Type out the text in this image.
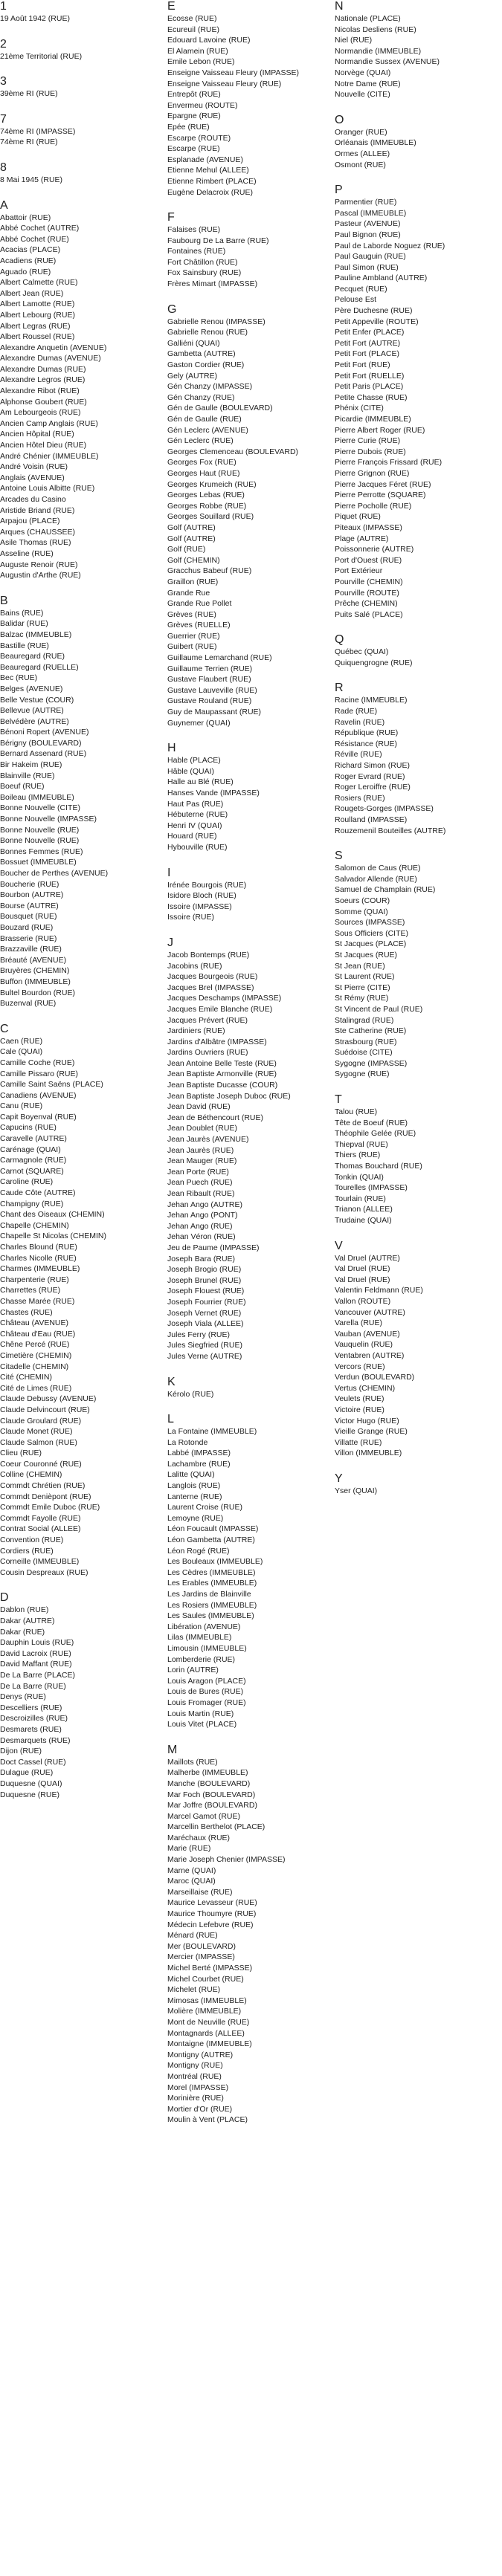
1
19 Août 1942 (RUE)
2
21ème Territorial (RUE)
3
39ème RI (RUE)
7
74ème RI (IMPASSE)
74ème RI (RUE)
8
8 Mai 1945 (RUE)
A
Abattoir (RUE)
Abbé Cochet (AUTRE)
Abbé Cochet (RUE)
Acacias (PLACE)
Acadiens (RUE)
Aguado (RUE)
Albert Calmette (RUE)
Albert Jean (RUE)
Albert Lamotte (RUE)
Albert Lebourg (RUE)
Albert Legras (RUE)
Albert Roussel (RUE)
Alexandre Anquetin (AVENUE)
Alexandre Dumas (AVENUE)
Alexandre Dumas (RUE)
Alexandre Legros (RUE)
Alexandre Ribot (RUE)
Alphonse Goubert (RUE)
Am Lebourgeois (RUE)
Ancien Camp Anglais (RUE)
Ancien Hôpital (RUE)
Ancien Hôtel Dieu (RUE)
André Chénier (IMMEUBLE)
André Voisin (RUE)
Anglais (AVENUE)
Antoine Louis Albitte (RUE)
Arcades du Casino
Aristide Briand (RUE)
Arpajou (PLACE)
Arques (CHAUSSEE)
Asile Thomas (RUE)
Asseline (RUE)
Auguste Renoir (RUE)
Augustin d'Arthe (RUE)
B
Bains (RUE)
Balidar (RUE)
Balzac (IMMEUBLE)
Bastille (RUE)
Beauregard (RUE)
Beauregard (RUELLE)
Bec (RUE)
Belges (AVENUE)
Belle Vestue (COUR)
Bellevue (AUTRE)
Belvédère (AUTRE)
Bénoni Ropert (AVENUE)
Bérigny (BOULEVARD)
Bernard Assenard (RUE)
Bir Hakeim (RUE)
Blainville (RUE)
Boeuf (RUE)
Boileau (IMMEUBLE)
Bonne Nouvelle (CITE)
Bonne Nouvelle (IMPASSE)
Bonne Nouvelle (RUE)
Bonne Nouvelle (RUE)
Bonnes Femmes (RUE)
Bossuet (IMMEUBLE)
Boucher de Perthes (AVENUE)
Boucherie (RUE)
Bourbon (AUTRE)
Bourse (AUTRE)
Bousquet (RUE)
Bouzard (RUE)
Brasserie (RUE)
Brazzaville (RUE)
Bréauté (AVENUE)
Bruyères (CHEMIN)
Buffon (IMMEUBLE)
Bultel Bourdon (RUE)
Buzenval (RUE)
C
Caen (RUE)
Cale (QUAI)
Camille Coche (RUE)
Camille Pissaro (RUE)
Camille Saint Saëns (PLACE)
Canadiens (AVENUE)
Canu (RUE)
Capit Boyenval (RUE)
Capucins (RUE)
Caravelle (AUTRE)
Carénage (QUAI)
Carmagnole (RUE)
Carnot (SQUARE)
Caroline (RUE)
Caude Côte (AUTRE)
Champigny (RUE)
Chant des Oiseaux (CHEMIN)
Chapelle (CHEMIN)
Chapelle St Nicolas (CHEMIN)
Charles Blound (RUE)
Charles Nicolle (RUE)
Charmes (IMMEUBLE)
Charpenterie (RUE)
Charrettes (RUE)
Chasse Marée (RUE)
Chastes (RUE)
Château (AVENUE)
Château d'Eau (RUE)
Chêne Percé (RUE)
Cimetière (CHEMIN)
Citadelle (CHEMIN)
Cité (CHEMIN)
Cité de Limes (RUE)
Claude Debussy (AVENUE)
Claude Delvincourt (RUE)
Claude Groulard (RUE)
Claude Monet (RUE)
Claude Salmon (RUE)
Clieu (RUE)
Coeur Couronné (RUE)
Colline (CHEMIN)
Commdt Chrétien (RUE)
Commdt Denièpont (RUE)
Commdt Emile Duboc (RUE)
Commdt Fayolle (RUE)
Contrat Social (ALLEE)
Convention (RUE)
Cordiers (RUE)
Corneille (IMMEUBLE)
Cousin Despreaux (RUE)
D
Dablon (RUE)
Dakar (AUTRE)
Dakar (RUE)
Dauphin Louis (RUE)
David Lacroix (RUE)
David Maffant (RUE)
De La Barre (PLACE)
De La Barre (RUE)
Denys (RUE)
Descelliers (RUE)
Descroizilles (RUE)
Desmarets (RUE)
Desmarquets (RUE)
Dijon (RUE)
Doct Cassel (RUE)
Dulague (RUE)
Duquesne (QUAI)
Duquesne (RUE)
E
Ecosse (RUE)
Ecureuil (RUE)
Edouard Lavoine (RUE)
El Alamein (RUE)
Emile Lebon (RUE)
Enseigne Vaisseau Fleury (IMPASSE)
Enseigne Vaisseau Fleury (RUE)
Entrepôt (RUE)
Envermeu (ROUTE)
Epargne (RUE)
Epée (RUE)
Escarpe (ROUTE)
Escarpe (RUE)
Esplanade (AVENUE)
Etienne Mehul (ALLEE)
Etienne Rimbert (PLACE)
Eugène Delacroix (RUE)
F
Falaises (RUE)
Faubourg De La Barre (RUE)
Fontaines (RUE)
Fort Châtillon (RUE)
Fox Sainsbury (RUE)
Frères Mimart (IMPASSE)
G
Gabrielle Renou (IMPASSE)
Gabrielle Renou (RUE)
Galliéni (QUAI)
Gambetta (AUTRE)
Gaston Cordier (RUE)
Gely (AUTRE)
Gén Chanzy (IMPASSE)
Gén Chanzy (RUE)
Gén de Gaulle (BOULEVARD)
Gén de Gaulle (RUE)
Gén Leclerc (AVENUE)
Gén Leclerc (RUE)
Georges Clemenceau (BOULEVARD)
Georges Fox (RUE)
Georges Haut (RUE)
Georges Krumeich (RUE)
Georges Lebas (RUE)
Georges Robbe (RUE)
Georges Souillard (RUE)
Golf (AUTRE)
Golf (AUTRE)
Golf (RUE)
Golf (CHEMIN)
Gracchus Babeuf (RUE)
Graillon (RUE)
Grande Rue
Grande Rue Pollet
Grèves (RUE)
Grèves (RUELLE)
Guerrier (RUE)
Guibert (RUE)
Guillaume Lemarchand (RUE)
Guillaume Terrien (RUE)
Gustave Flaubert (RUE)
Gustave Lauveville (RUE)
Gustave Rouland (RUE)
Guy de Maupassant (RUE)
Guynemer (QUAI)
H
Hable (PLACE)
Hâble (QUAI)
Halle au Blé (RUE)
Hanses Vande (IMPASSE)
Haut Pas (RUE)
Hébuterne (RUE)
Henri IV (QUAI)
Houard (RUE)
Hybouville (RUE)
I
Irénée Bourgois (RUE)
Isidore Bloch (RUE)
Issoire (IMPASSE)
Issoire (RUE)
J
Jacob Bontemps (RUE)
Jacobins (RUE)
Jacques Bourgeois (RUE)
Jacques Brel (IMPASSE)
Jacques Deschamps (IMPASSE)
Jacques Emile Blanche (RUE)
Jacques Prévert (RUE)
Jardiniers (RUE)
Jardins d'Albâtre (IMPASSE)
Jardins Ouvriers (RUE)
Jean Antoine Belle Teste (RUE)
Jean Baptiste Armonville (RUE)
Jean Baptiste Ducasse (COUR)
Jean Baptiste Joseph Duboc (RUE)
Jean David (RUE)
Jean de Béthencourt (RUE)
Jean Doublet (RUE)
Jean Jaurès (AVENUE)
Jean Jaurès (RUE)
Jean Mauger (RUE)
Jean Porte (RUE)
Jean Puech (RUE)
Jean Ribault (RUE)
Jehan Ango (AUTRE)
Jehan Ango (PONT)
Jehan Ango (RUE)
Jehan Véron (RUE)
Jeu de Paume (IMPASSE)
Joseph Bara (RUE)
Joseph Brogio (RUE)
Joseph Brunel (RUE)
Joseph Flouest (RUE)
Joseph Fourrier (RUE)
Joseph Vernet (RUE)
Joseph Viala (ALLEE)
Jules Ferry (RUE)
Jules Siegfried (RUE)
Jules Verne (AUTRE)
K
Kérolo (RUE)
L
La Fontaine (IMMEUBLE)
La Rotonde
Labbé (IMPASSE)
Lachambre (RUE)
Lalitte (QUAI)
Langlois (RUE)
Lanterne (RUE)
Laurent Croise (RUE)
Lemoyne (RUE)
Léon Foucault (IMPASSE)
Léon Gambetta (AUTRE)
Léon Rogé (RUE)
Les Bouleaux (IMMEUBLE)
Les Cèdres (IMMEUBLE)
Les Erables (IMMEUBLE)
Les Jardins de Blainville
Les Rosiers (IMMEUBLE)
Les Saules (IMMEUBLE)
Libération (AVENUE)
Lilas (IMMEUBLE)
Limousin (IMMEUBLE)
Lomberderie (RUE)
Lorin (AUTRE)
Louis Aragon (PLACE)
Louis de Bures (RUE)
Louis Fromager (RUE)
Louis Martin (RUE)
Louis Vitet (PLACE)
M
Maillots (RUE)
Malherbe (IMMEUBLE)
Manche (BOULEVARD)
Mar Foch (BOULEVARD)
Mar Joffre (BOULEVARD)
Marcel Gamot (RUE)
Marcellin Berthelot (PLACE)
Maréchaux (RUE)
Marie (RUE)
Marie Joseph Chenier (IMPASSE)
Marne (QUAI)
Maroc (QUAI)
Marseillaise (RUE)
Maurice Levasseur (RUE)
Maurice Thoumyre (RUE)
Médecin Lefebvre (RUE)
Ménard (RUE)
Mer (BOULEVARD)
Mercier (IMPASSE)
Michel Berté (IMPASSE)
Michel Courbet (RUE)
Michelet (RUE)
Mimosas (IMMEUBLE)
Molière (IMMEUBLE)
Mont de Neuville (RUE)
Montagnards (ALLEE)
Montaigne (IMMEUBLE)
Montigny (AUTRE)
Montigny (RUE)
Montréal (RUE)
Morel (IMPASSE)
Morinière (RUE)
Mortier d'Or (RUE)
Moulin à Vent (PLACE)
N
Nationale (PLACE)
Nicolas Desliens (RUE)
Niel (RUE)
Normandie (IMMEUBLE)
Normandie Sussex (AVENUE)
Norvège (QUAI)
Notre Dame (RUE)
Nouvelle (CITE)
O
Oranger (RUE)
Orléanais (IMMEUBLE)
Ormes (ALLEE)
Osmont (RUE)
P
Parmentier (RUE)
Pascal (IMMEUBLE)
Pasteur (AVENUE)
Paul Bignon (RUE)
Paul de Laborde Noguez (RUE)
Paul Gauguin (RUE)
Paul Simon (RUE)
Pauline Ambland (AUTRE)
Pecquet (RUE)
Pelouse Est
Père Duchesne (RUE)
Petit Appeville (ROUTE)
Petit Enfer (PLACE)
Petit Fort (AUTRE)
Petit Fort (PLACE)
Petit Fort (RUE)
Petit Fort (RUELLE)
Petit Paris (PLACE)
Petite Chasse (RUE)
Phénix (CITE)
Picardie (IMMEUBLE)
Pierre Albert Roger (RUE)
Pierre Curie (RUE)
Pierre Dubois (RUE)
Pierre François Frissard (RUE)
Pierre Grignon (RUE)
Pierre Jacques Féret (RUE)
Pierre Perrotte (SQUARE)
Pierre Pocholle (RUE)
Piquet (RUE)
Piteaux (IMPASSE)
Plage (AUTRE)
Poissonnerie (AUTRE)
Port d'Ouest (RUE)
Port Extérieur
Pourville (CHEMIN)
Pourville (ROUTE)
Prêche (CHEMIN)
Puits Salé (PLACE)
Q
Québec (QUAI)
Quiquengrogne (RUE)
R
Racine (IMMEUBLE)
Rade (RUE)
Ravelin (RUE)
République (RUE)
Résistance (RUE)
Réville (RUE)
Richard Simon (RUE)
Roger Evrard (RUE)
Roger Leroiffre (RUE)
Rosiers (RUE)
Rougets-Gorges (IMPASSE)
Roulland (IMPASSE)
Rouzemenil Bouteilles (AUTRE)
S
Salomon de Caus (RUE)
Salvador Allende (RUE)
Samuel de Champlain (RUE)
Soeurs (COUR)
Somme (QUAI)
Sources (IMPASSE)
Sous Officiers (CITE)
St Jacques (PLACE)
St Jacques (RUE)
St Jean (RUE)
St Laurent (RUE)
St Pierre (CITE)
St Rémy (RUE)
St Vincent de Paul (RUE)
Stalingrad (RUE)
Ste Catherine (RUE)
Strasbourg (RUE)
Suédoise (CITE)
Sygogne (IMPASSE)
Sygogne (RUE)
T
Talou (RUE)
Tête de Boeuf (RUE)
Théophile Gelée (RUE)
Thiepval (RUE)
Thiers (RUE)
Thomas Bouchard (RUE)
Tonkin (QUAI)
Tourelles (IMPASSE)
Tourlain (RUE)
Trianon (ALLEE)
Trudaine (QUAI)
V
Val Druel (AUTRE)
Val Druel (RUE)
Val Druel (RUE)
Valentin Feldmann (RUE)
Vallon (ROUTE)
Vancouver (AUTRE)
Varella (RUE)
Vauban (AVENUE)
Vauquelin (RUE)
Ventabren (AUTRE)
Vercors (RUE)
Verdun (BOULEVARD)
Vertus (CHEMIN)
Veulets (RUE)
Victoire (RUE)
Victor Hugo (RUE)
Vieille Grange (RUE)
Villatte (RUE)
Villon (IMMEUBLE)
Y
Yser (QUAI)
